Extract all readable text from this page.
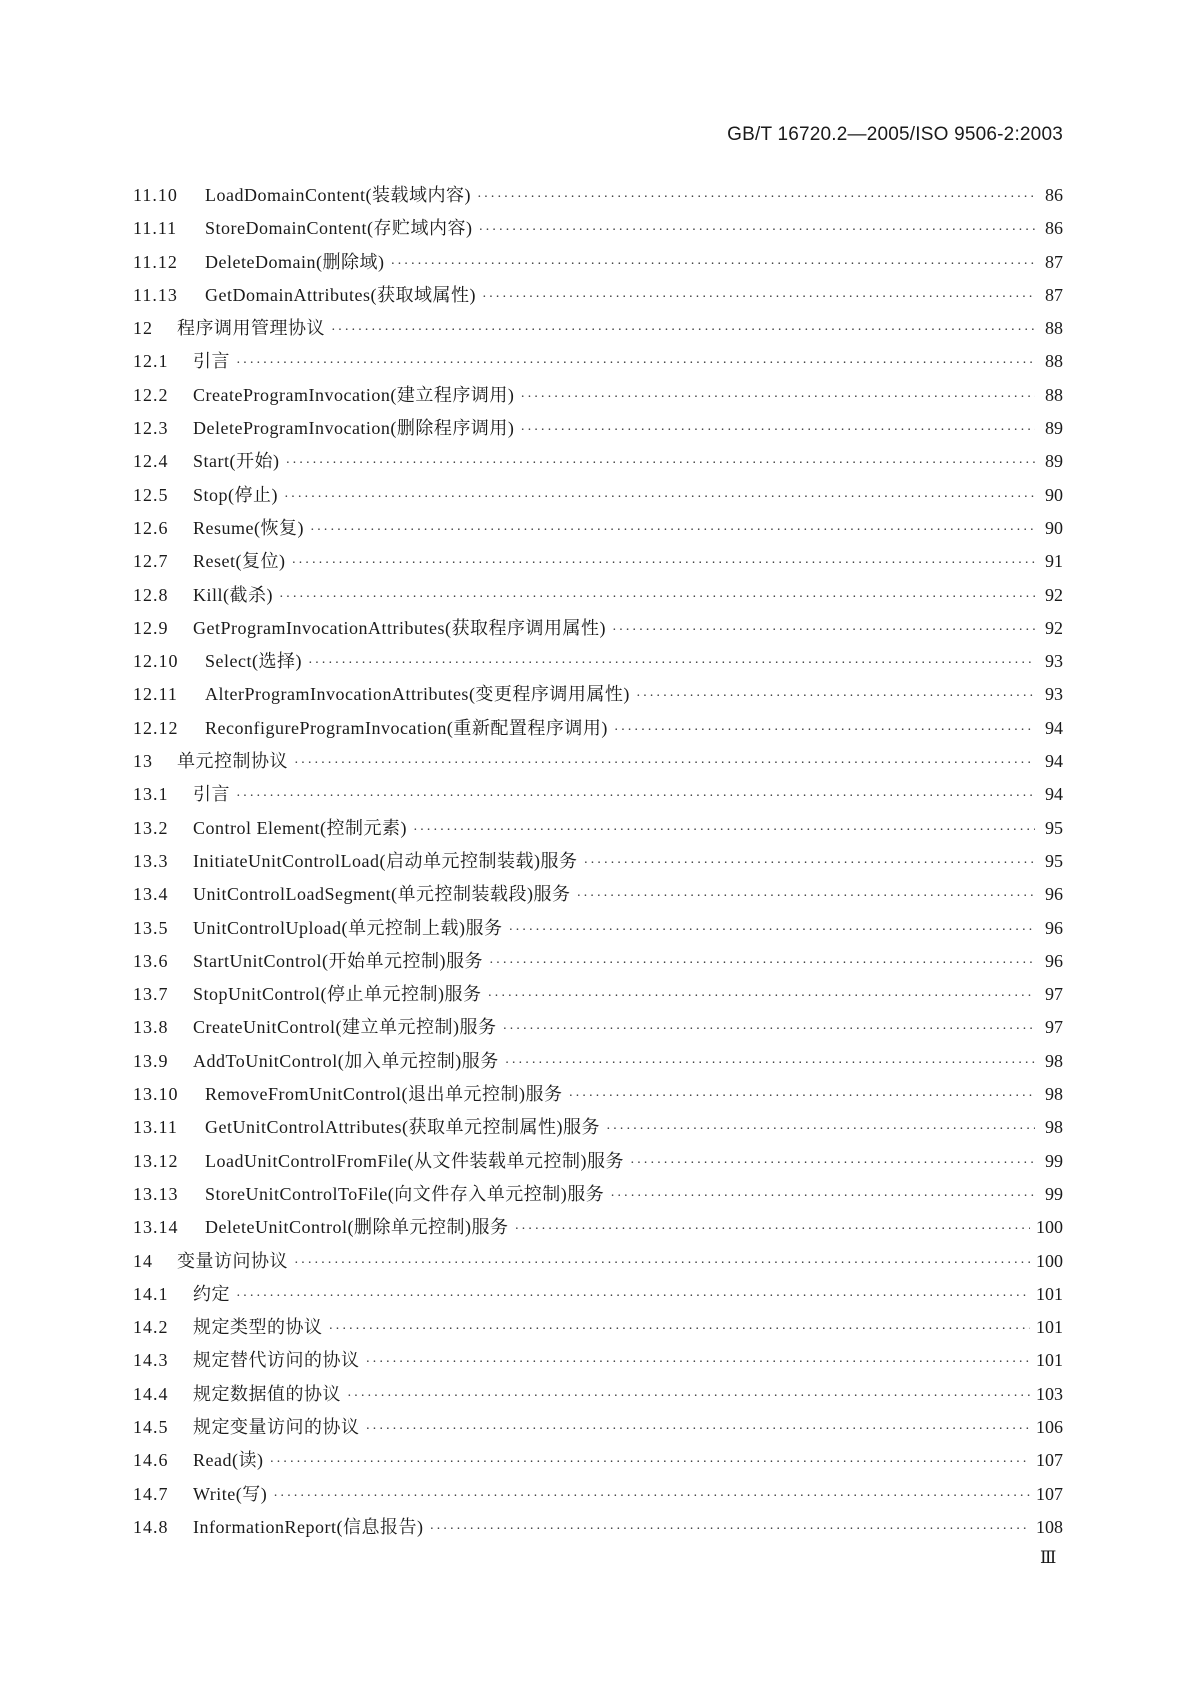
GB/T 16720.2—2005/ISO 9506-2:2003
11.10	LoadDomainContent(装载域内容) ·····	86
11.11	StoreDomainContent(存贮域内容) ·····	86
11.12	DeleteDomain(删除域) ·····	87
11.13	GetDomainAttributes(获取域属性) ·····	87
12	程序调用管理协议 ·····	88
12.1	引言 ·····	88
12.2	CreateProgramInvocation(建立程序调用) ·····	88
12.3	DeleteProgramInvocation(删除程序调用) ·····	89
12.4	Start(开始) ·····	89
12.5	Stop(停止) ·····	90
12.6	Resume(恢复) ·····	90
12.7	Reset(复位) ·····	91
12.8	Kill(截杀) ·····	92
12.9	GetProgramInvocationAttributes(获取程序调用属性) ·····	92
12.10	Select(选择) ·····	93
12.11	AlterProgramInvocationAttributes(变更程序调用属性) ·····	93
12.12	ReconfigureProgramInvocation(重新配置程序调用) ·····	94
13	单元控制协议 ·····	94
13.1	引言 ·····	94
13.2	Control Element(控制元素) ·····	95
13.3	InitiateUnitControlLoad(启动单元控制装载)服务 ·····	95
13.4	UnitControlLoadSegment(单元控制装载段)服务 ·····	96
13.5	UnitControlUpload(单元控制上载)服务 ·····	96
13.6	StartUnitControl(开始单元控制)服务 ·····	96
13.7	StopUnitControl(停止单元控制)服务 ·····	97
13.8	CreateUnitControl(建立单元控制)服务 ·····	97
13.9	AddToUnitControl(加入单元控制)服务 ·····	98
13.10	RemoveFromUnitControl(退出单元控制)服务 ·····	98
13.11	GetUnitControlAttributes(获取单元控制属性)服务 ·····	98
13.12	LoadUnitControlFromFile(从文件装载单元控制)服务 ·····	99
13.13	StoreUnitControlToFile(向文件存入单元控制)服务 ·····	99
13.14	DeleteUnitControl(删除单元控制)服务 ·····	100
14	变量访问协议 ·····	100
14.1	约定 ·····	101
14.2	规定类型的协议 ·····	101
14.3	规定替代访问的协议 ·····	101
14.4	规定数据值的协议 ·····	103
14.5	规定变量访问的协议 ·····	106
14.6	Read(读) ·····	107
14.7	Write(写) ·····	107
14.8	InformationReport(信息报告) ·····	108
Ⅲ
